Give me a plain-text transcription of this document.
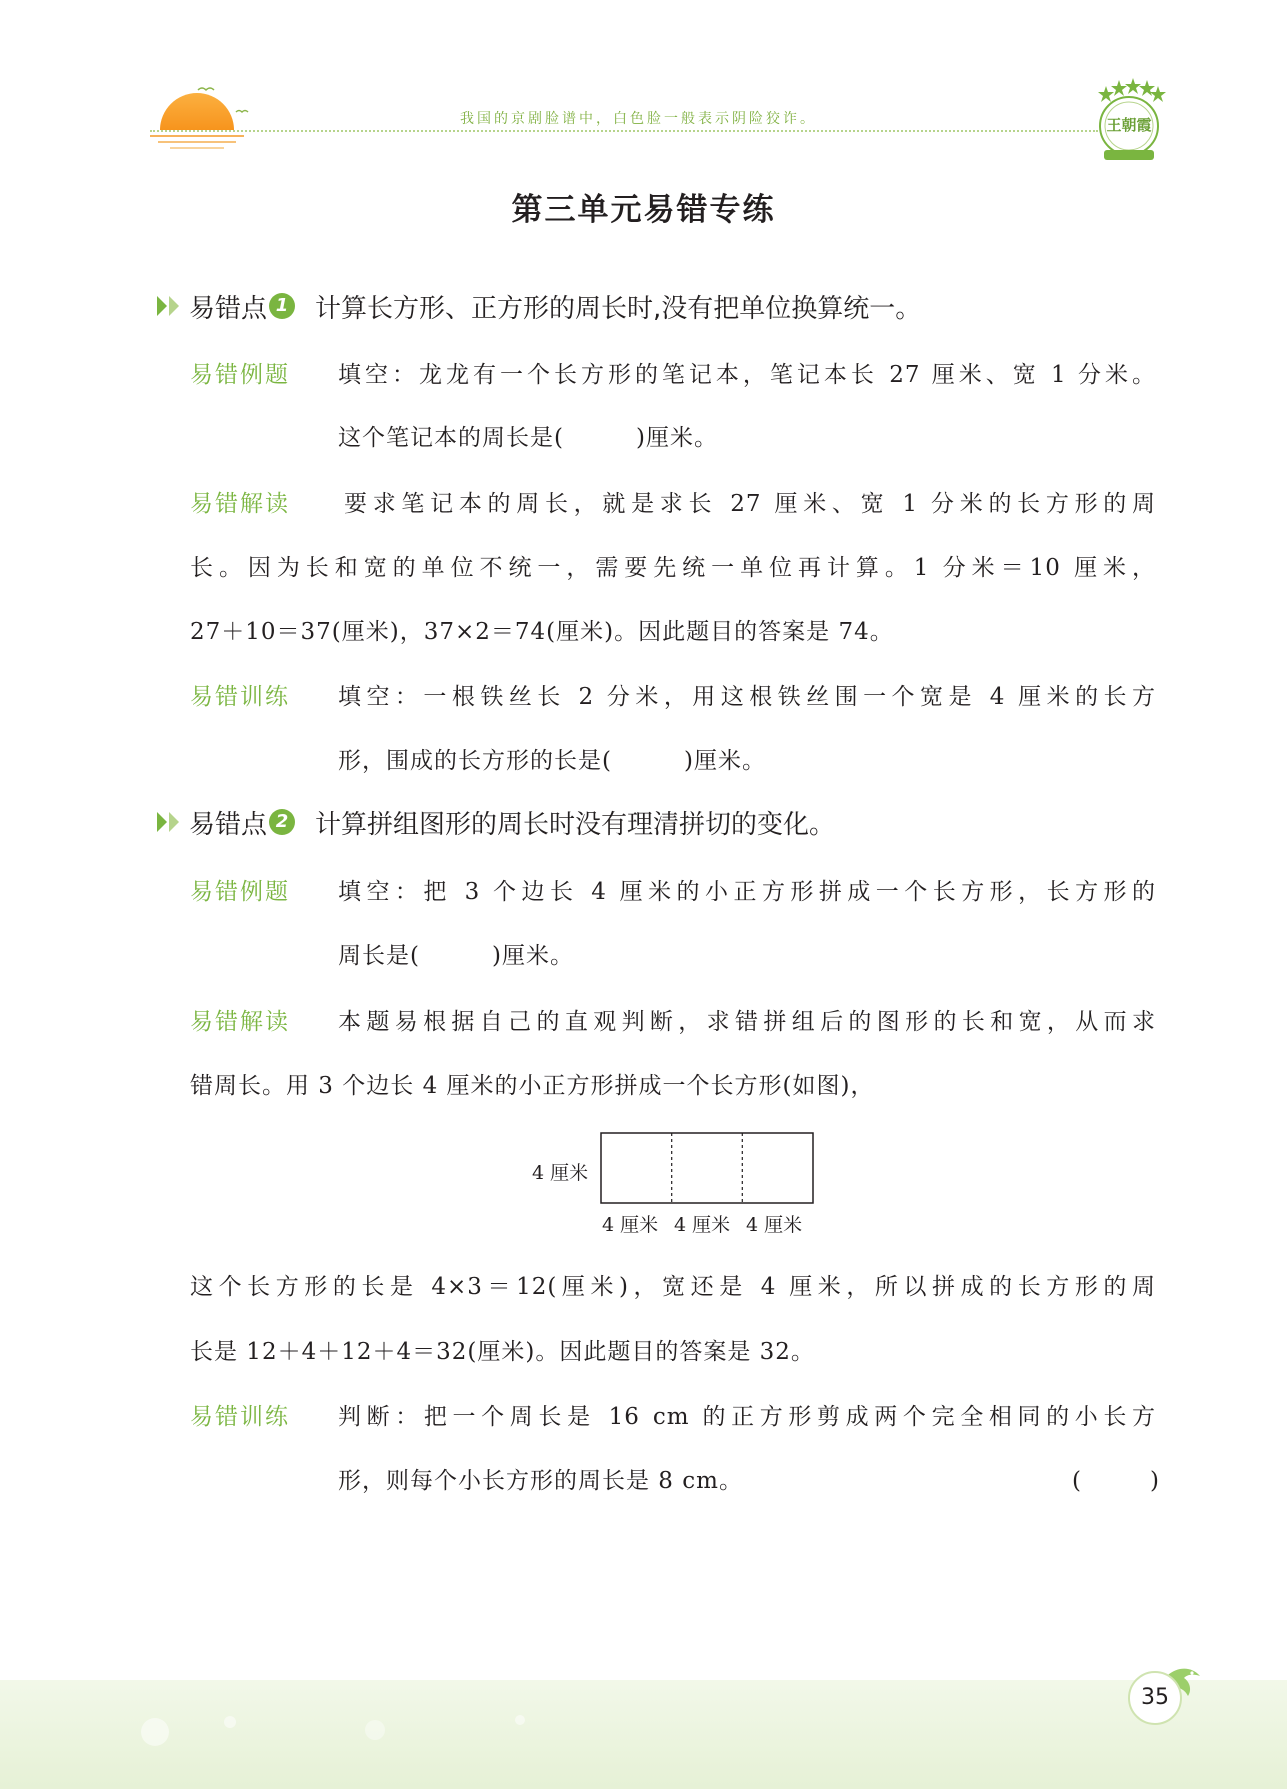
我国的京剧脸谱中，白色脸一般表示阴险狡诈。	王朝霞
第三单元易错专练
易错点 1 计算长方形、正方形的周长时,没有把单位换算统一。
易错例题 填空：龙龙有一个长方形的笔记本，笔记本长 27 厘米、宽 1 分米。
这个笔记本的周长是(　　　)厘米。
易错解读 要求笔记本的周长，就是求长 27 厘米、宽 1 分米的长方形的周
长。因为长和宽的单位不统一，需要先统一单位再计算。1 分米＝10 厘米，
27＋10＝37(厘米)，37×2＝74(厘米)。因此题目的答案是 74。
易错训练 填空：一根铁丝长 2 分米，用这根铁丝围一个宽是 4 厘米的长方
形，围成的长方形的长是(　　　)厘米。
易错点 2 计算拼组图形的周长时没有理清拼切的变化。
易错例题 填空：把 3 个边长 4 厘米的小正方形拼成一个长方形，长方形的
周长是(　　　)厘米。
易错解读 本题易根据自己的直观判断，求错拼组后的图形的长和宽，从而求
错周长。用 3 个边长 4 厘米的小正方形拼成一个长方形(如图)，
4 厘米
4 厘米 4 厘米 4 厘米
这个长方形的长是 4×3＝12(厘米)，宽还是 4 厘米，所以拼成的长方形的周
长是 12＋4＋12＋4＝32(厘米)。因此题目的答案是 32。
易错训练 判断：把一个周长是 16 cm 的正方形剪成两个完全相同的小长方
形，则每个小长方形的周长是 8 cm。	(　　　)
35
